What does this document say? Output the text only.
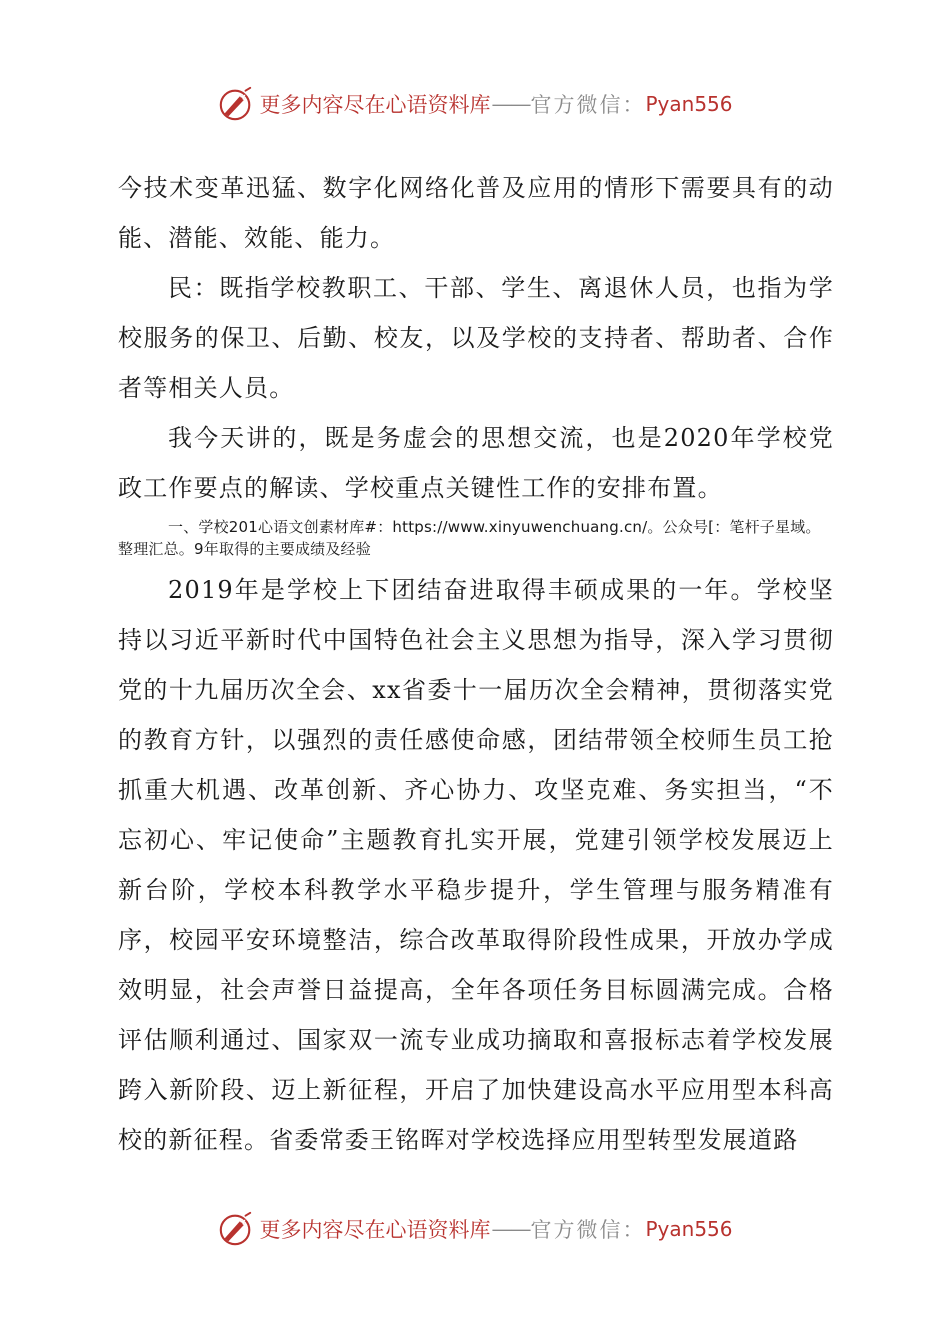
更多内容尽在心语资料库 —— 官方微信： Pyan556

今技术变革迅猛、数字化网络化普及应用的情形下需要具有的动能、潜能、效能、能力。

民：既指学校教职工、干部、学生、离退休人员，也指为学校服务的保卫、后勤、校友，以及学校的支持者、帮助者、合作者等相关人员。

我今天讲的，既是务虚会的思想交流，也是2020年学校党政工作要点的解读、学校重点关键性工作的安排布置。

一、学校201心语文创素材库#：https://www.xinyuwenchuang.cn/。公众号[：笔杆子星域。整理汇总。9年取得的主要成绩及经验

2019年是学校上下团结奋进取得丰硕成果的一年。学校坚持以习近平新时代中国特色社会主义思想为指导，深入学习贯彻党的十九届历次全会、xx省委十一届历次全会精神，贯彻落实党的教育方针，以强烈的责任感使命感，团结带领全校师生员工抢抓重大机遇、改革创新、齐心协力、攻坚克难、务实担当，“不忘初心、牢记使命”主题教育扎实开展，党建引领学校发展迈上新台阶，学校本科教学水平稳步提升，学生管理与服务精准有序，校园平安环境整洁，综合改革取得阶段性成果，开放办学成效明显，社会声誉日益提高，全年各项任务目标圆满完成。合格评估顺利通过、国家双一流专业成功摘取和喜报标志着学校发展跨入新阶段、迈上新征程，开启了加快建设高水平应用型本科高校的新征程。省委常委王铭晖对学校选择应用型转型发展道路

更多内容尽在心语资料库 —— 官方微信： Pyan556
